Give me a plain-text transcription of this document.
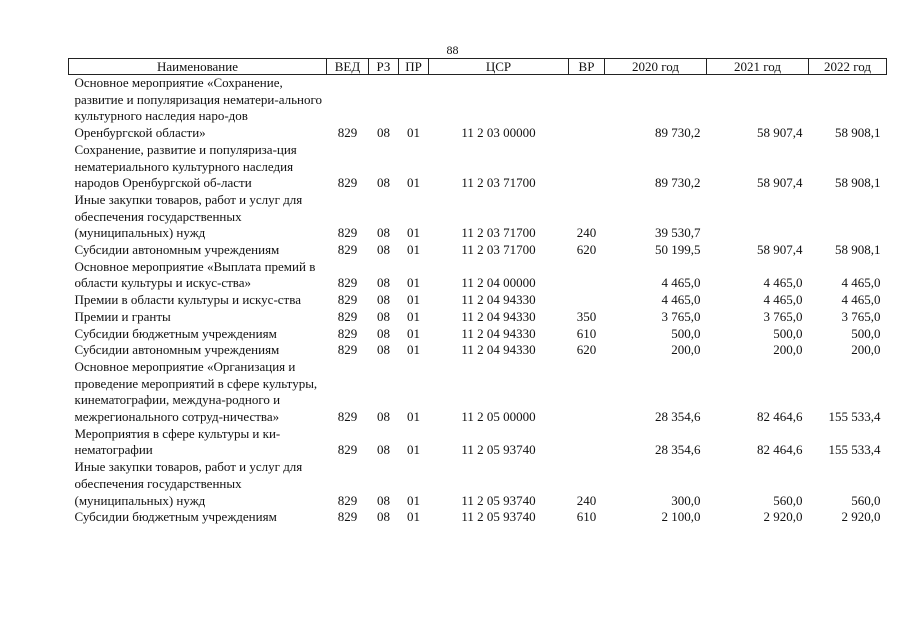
88
Наименование	ВЕД	РЗ	ПР	ЦСР	ВР	2020 год	2021 год	2022 год
Основное мероприятие «Сохранение, развитие и популяризация нематери-ального культурного наследия наро-дов Оренбургской области»	829	08	01	11 2 03 00000		89 730,2	58 907,4	58 908,1
Сохранение, развитие и популяриза-ция нематериального культурного наследия народов Оренбургской об-ласти	829	08	01	11 2 03 71700		89 730,2	58 907,4	58 908,1
Иные закупки товаров, работ и услуг для обеспечения государственных (муниципальных) нужд	829	08	01	11 2 03 71700	240	39 530,7		
Субсидии автономным учреждениям	829	08	01	11 2 03 71700	620	50 199,5	58 907,4	58 908,1
Основное мероприятие «Выплата премий в области культуры и искус-ства»	829	08	01	11 2 04 00000		4 465,0	4 465,0	4 465,0
Премии в области культуры и искус-ства	829	08	01	11 2 04 94330		4 465,0	4 465,0	4 465,0
Премии и гранты	829	08	01	11 2 04 94330	350	3 765,0	3 765,0	3 765,0
Субсидии бюджетным учреждениям	829	08	01	11 2 04 94330	610	500,0	500,0	500,0
Субсидии автономным учреждениям	829	08	01	11 2 04 94330	620	200,0	200,0	200,0
Основное мероприятие «Организация и проведение мероприятий в сфере культуры, кинематографии, междуна-родного и межрегионального сотруд-ничества»	829	08	01	11 2 05 00000		28 354,6	82 464,6	155 533,4
Мероприятия в сфере культуры и ки-нематографии	829	08	01	11 2 05 93740		28 354,6	82 464,6	155 533,4
Иные закупки товаров, работ и услуг для обеспечения государственных (муниципальных) нужд	829	08	01	11 2 05 93740	240	300,0	560,0	560,0
Субсидии бюджетным учреждениям	829	08	01	11 2 05 93740	610	2 100,0	2 920,0	2 920,0
